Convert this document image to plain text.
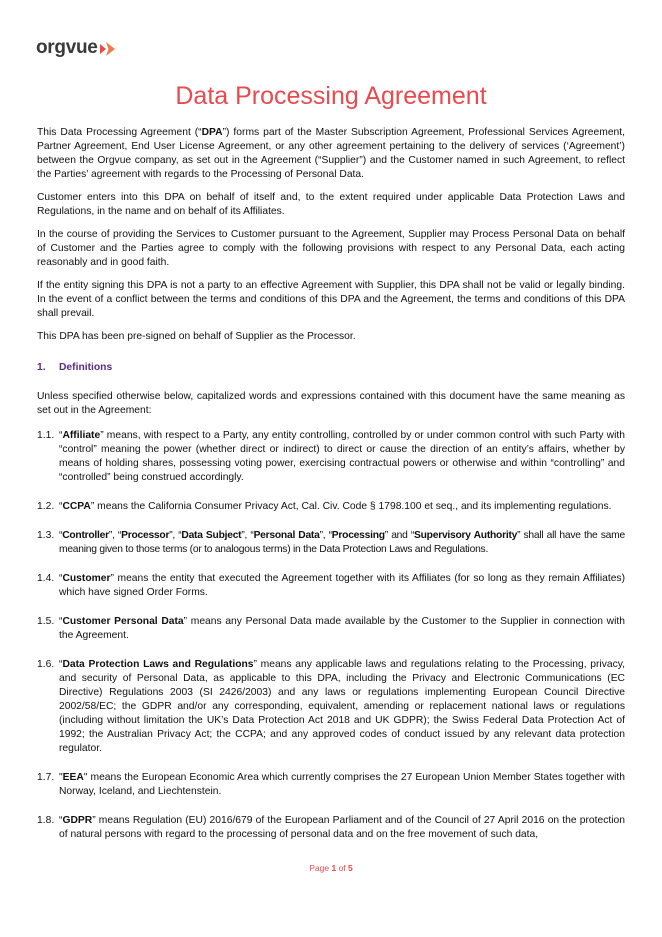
orgvue
Data Processing Agreement

This Data Processing Agreement (“DPA”) forms part of the Master Subscription Agreement, Professional Services Agreement, Partner Agreement, End User License Agreement, or any other agreement pertaining to the delivery of services (‘Agreement’) between the Orgvue company, as set out in the Agreement (“Supplier”) and the Customer named in such Agreement, to reflect the Parties’ agreement with regards to the Processing of Personal Data.

Customer enters into this DPA on behalf of itself and, to the extent required under applicable Data Protection Laws and Regulations, in the name and on behalf of its Affiliates.

In the course of providing the Services to Customer pursuant to the Agreement, Supplier may Process Personal Data on behalf of Customer and the Parties agree to comply with the following provisions with respect to any Personal Data, each acting reasonably and in good faith.

If the entity signing this DPA is not a party to an effective Agreement with Supplier, this DPA shall not be valid or legally binding. In the event of a conflict between the terms and conditions of this DPA and the Agreement, the terms and conditions of this DPA shall prevail.

This DPA has been pre-signed on behalf of Supplier as the Processor.

1.	Definitions

Unless specified otherwise below, capitalized words and expressions contained with this document have the same meaning as set out in the Agreement:

1.1. “Affiliate” means, with respect to a Party, any entity controlling, controlled by or under common control with such Party with “control” meaning the power (whether direct or indirect) to direct or cause the direction of an entity’s affairs, whether by means of holding shares, possessing voting power, exercising contractual powers or otherwise and within “controlling” and “controlled” being construed accordingly.
1.2. “CCPA” means the California Consumer Privacy Act, Cal. Civ. Code § 1798.100 et seq., and its implementing regulations.
1.3. “Controller”, “Processor”, “Data Subject”, “Personal Data”, “Processing” and “Supervisory Authority” shall all have the same meaning given to those terms (or to analogous terms) in the Data Protection Laws and Regulations.
1.4. “Customer” means the entity that executed the Agreement together with its Affiliates (for so long as they remain Affiliates) which have signed Order Forms.
1.5. “Customer Personal Data” means any Personal Data made available by the Customer to the Supplier in connection with the Agreement.
1.6. “Data Protection Laws and Regulations” means any applicable laws and regulations relating to the Processing, privacy, and security of Personal Data, as applicable to this DPA, including the Privacy and Electronic Communications (EC Directive) Regulations 2003 (SI 2426/2003) and any laws or regulations implementing European Council Directive 2002/58/EC; the GDPR and/or any corresponding, equivalent, amending or replacement national laws or regulations (including without limitation the UK’s Data Protection Act 2018 and UK GDPR); the Swiss Federal Data Protection Act of 1992; the Australian Privacy Act; the CCPA; and any approved codes of conduct issued by any relevant data protection regulator.
1.7. "EEA" means the European Economic Area which currently comprises the 27 European Union Member States together with Norway, Iceland, and Liechtenstein.
1.8. “GDPR” means Regulation (EU) 2016/679 of the European Parliament and of the Council of 27 April 2016 on the protection of natural persons with regard to the processing of personal data and on the free movement of such data,
Page 1 of 5
